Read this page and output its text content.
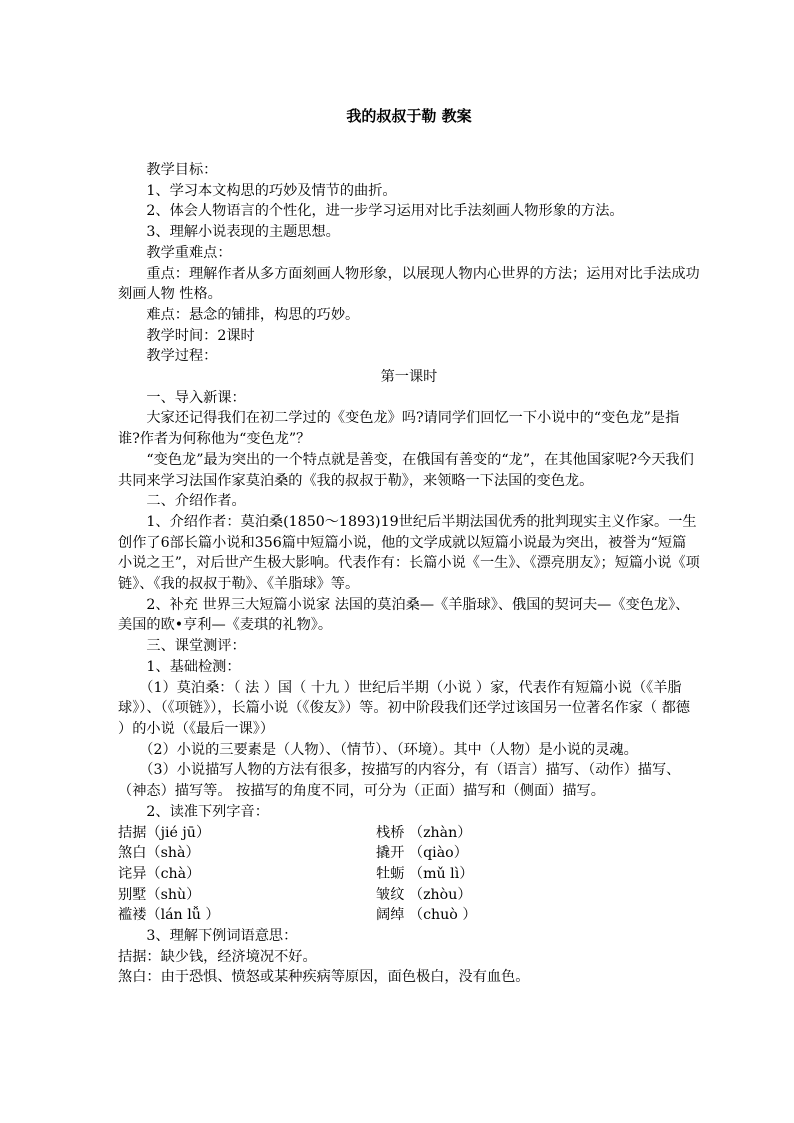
我的叔叔于勒 教案

教学目标：

1、学习本文构思的巧妙及情节的曲折。

2、体会人物语言的个性化，进一步学习运用对比手法刻画人物形象的方法。

3、理解小说表现的主题思想。

教学重难点：

重点：理解作者从多方面刻画人物形象，以展现人物内心世界的方法；运用对比手法成功刻画人物 性格。

难点：悬念的铺排，构思的巧妙。

教学时间：2课时

教学过程：

第一课时

一、导入新课：

大家还记得我们在初二学过的《变色龙》吗?请同学们回忆一下小说中的“变色龙”是指谁?作者为何称他为“变色龙”？

“变色龙”最为突出的一个特点就是善变，在俄国有善变的“龙”，在其他国家呢?今天我们共同来学习法国作家莫泊桑的《我的叔叔于勒》，来领略一下法国的变色龙。

二、介绍作者。

1、介绍作者：莫泊桑(1850～1893)19世纪后半期法国优秀的批判现实主义作家。一生创作了6部长篇小说和356篇中短篇小说，他的文学成就以短篇小说最为突出，被誉为“短篇小说之王”，对后世产生极大影响。代表作有：长篇小说《一生》、《漂亮朋友》；短篇小说《项链》、《我的叔叔于勒》、《羊脂球》等。

2、补充 世界三大短篇小说家 法国的莫泊桑—《羊脂球》、俄国的契诃夫—《变色龙》、美国的欧•亨利—《麦琪的礼物》。

三、课堂测评：

1、基础检测：

（1）莫泊桑：（ 法 ）国（ 十九 ）世纪后半期（小说 ）家，代表作有短篇小说（《羊脂球》）、（《项链》），长篇小说（《俊友》）等。初中阶段我们还学过该国另一位著名作家（ 都德 ）的小说（《最后一课》）

（2）小说的三要素是（人物）、（情节）、（环境）。其中（人物）是小说的灵魂。

（3）小说描写人物的方法有很多，按描写的内容分，有（语言）描写、（动作）描写、（神态）描写等。 按描写的角度不同，可分为（正面）描写和（侧面）描写。

2、读准下列字音：

拮据（jié jū）	栈桥 （zhàn）
煞白（shà）	撬开 （qiào）
诧异（chà）	牡蛎 （mǔ lì）
别墅（shù）	皱纹 （zhòu）
褴褛（lán lǚ ）	阔绰 （chuò ）

3、理解下例词语意思：

拮据：缺少钱，经济境况不好。

煞白：由于恐惧、愤怒或某种疾病等原因，面色极白，没有血色。
